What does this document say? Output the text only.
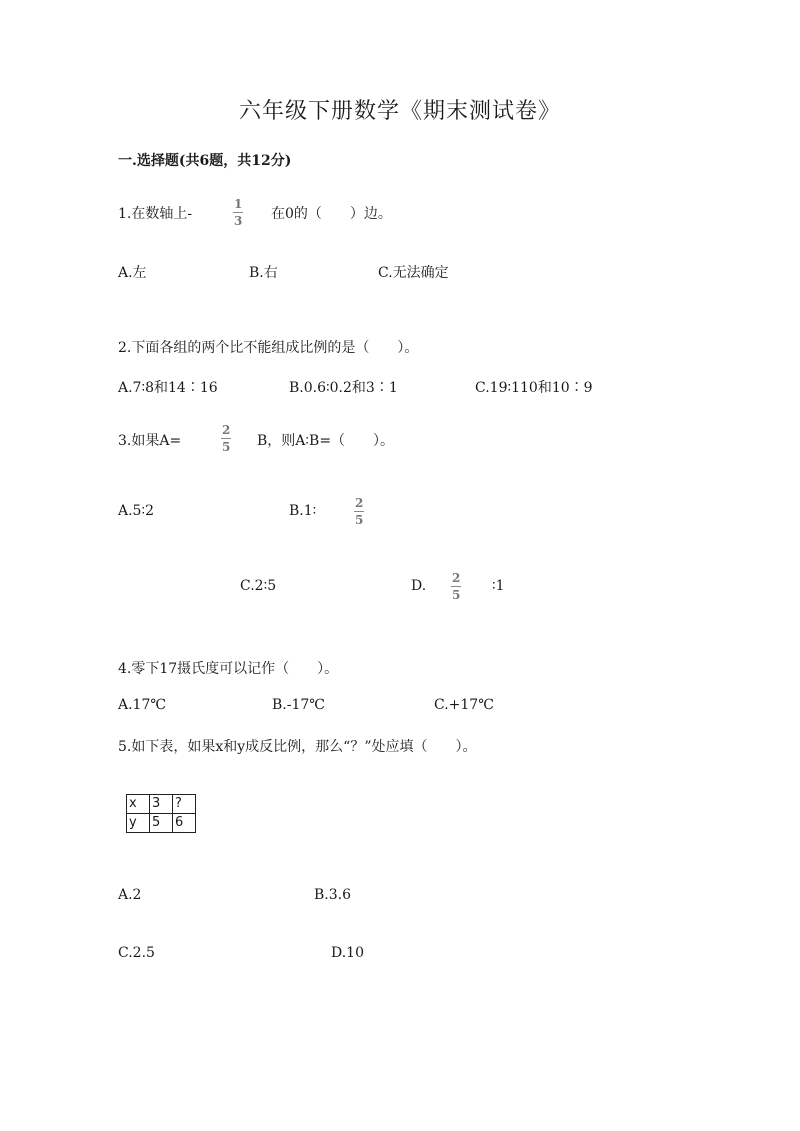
六年级下册数学《期末测试卷》
一.选择题(共6题，共12分)
1.在数轴上-
1
3 在0的（　　）边。
A.左	B.右	C.无法确定
2.下面各组的两个比不能组成比例的是（　　）。
A.7∶8和14∶16	B.0.6∶0.2和3∶1	C.19∶110和10∶9
3.如果A=
2
5 B，则A∶B=（　　）。
A.5∶2	B.1∶	2
5
C.2∶5	D. 2
5
∶1
4.零下17摄氏度可以记作（　　）。
A.17℃	B.-17℃	C.+17℃
5.如下表，如果x和y成反比例，那么“？”处应填（　　）。
x	3	?
y	5	6
A.2	B.3.6
C.2.5	D.10
